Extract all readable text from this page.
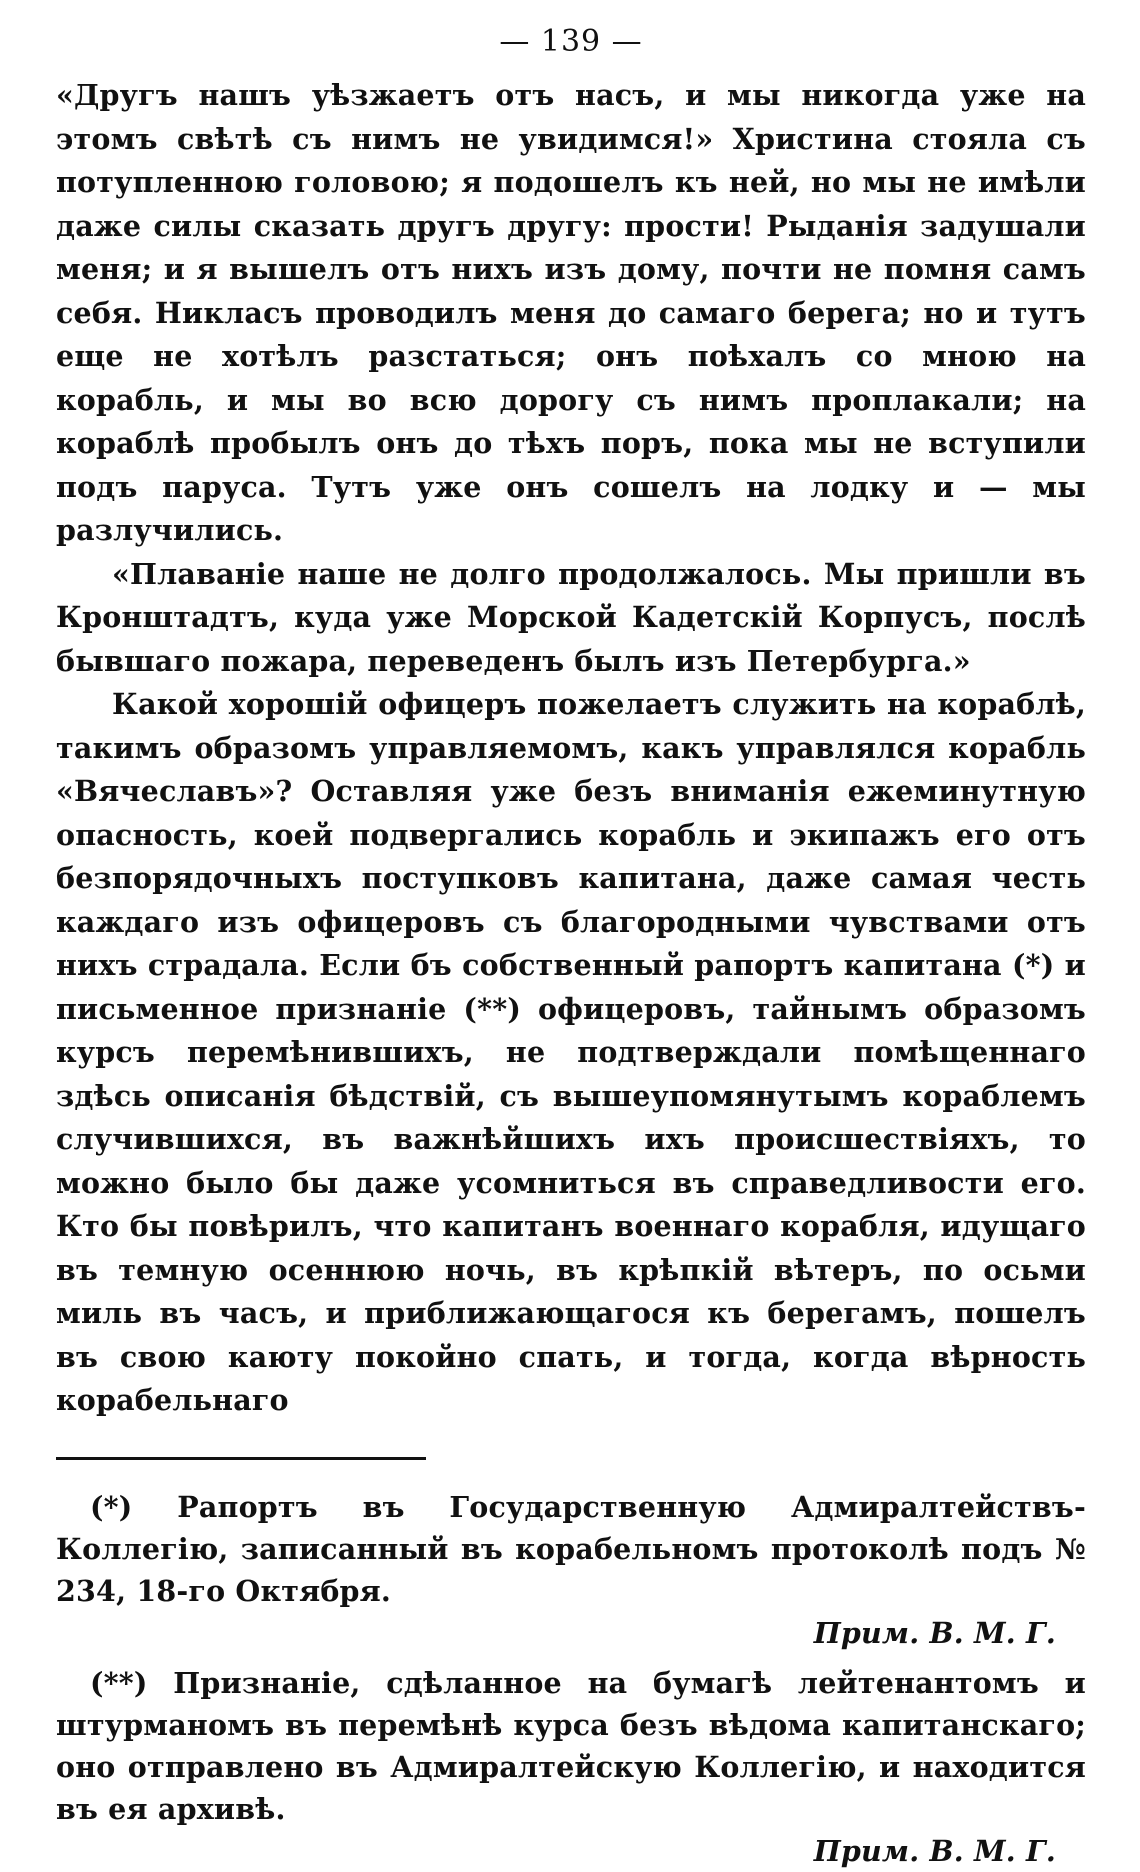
— 139 —

«Другъ нашъ уѣзжаетъ отъ насъ, и мы никогда уже на этомъ свѣтѣ съ нимъ не увидимся!» Христина стояла съ потупленною головою; я подошелъ къ ней, но мы не имѣли даже силы сказать другъ другу: прости! Рыданія задушали меня; и я вышелъ отъ нихъ изъ дому, почти не помня самъ себя. Никласъ проводилъ меня до самаго берега; но и тутъ еще не хотѣлъ разстаться; онъ поѣхалъ со мною на корабль, и мы во всю дорогу съ нимъ проплакали; на кораблѣ пробылъ онъ до тѣхъ поръ, пока мы не вступили подъ паруса. Тутъ уже онъ сошелъ на лодку и — мы разлучились.

«Плаваніе наше не долго продолжалось. Мы пришли въ Кронштадтъ, куда уже Морской Кадетскій Корпусъ, послѣ бывшаго пожара, переведенъ былъ изъ Петербурга.»

Какой хорошій офицеръ пожелаетъ служить на кораблѣ, такимъ образомъ управляемомъ, какъ управлялся корабль «Вячеславъ»? Оставляя уже безъ вниманія ежеминутную опасность, коей подвергались корабль и экипажъ его отъ безпорядочныхъ поступковъ капитана, даже самая честь каждаго изъ офицеровъ съ благородными чувствами отъ нихъ страдала. Если бъ собственный рапортъ капитана (*) и письменное признаніе (**) офицеровъ, тайнымъ образомъ курсъ перемѣнившихъ, не подтверждали помѣщеннаго здѣсь описанія бѣдствій, съ вышеупомянутымъ кораблемъ случившихся, въ важнѣйшихъ ихъ происшествіяхъ, то можно было бы даже усомниться въ справедливости его. Кто бы повѣрилъ, что капитанъ военнаго корабля, идущаго въ темную осеннюю ночь, въ крѣпкій вѣтеръ, по осьми миль въ часъ, и приближающагося къ берегамъ, пошелъ въ свою каюту покойно спать, и тогда, когда вѣрность корабельнаго

(*) Рапортъ въ Государственную Адмиралтействъ-Коллегію, записанный въ корабельномъ протоколѣ подъ № 234, 18-го Октября.
Прим. В. М. Г.

(**) Признаніе, сдѣланное на бумагѣ лейтенантомъ и штурманомъ въ перемѣнѣ курса безъ вѣдома капитанскаго; оно отправлено въ Адмиралтейскую Коллегію, и находится въ ея архивѣ.
Прим. В. М. Г.
